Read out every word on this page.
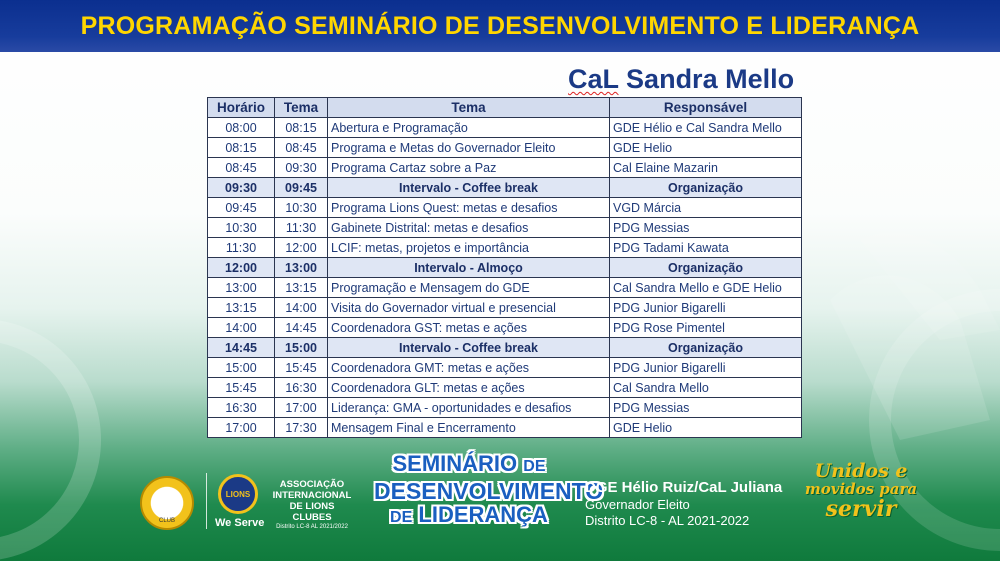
PROGRAMAÇÃO SEMINÁRIO DE DESENVOLVIMENTO E LIDERANÇA
CaL Sandra Mello
Horário	Tema	Tema	Responsável
08:00	08:15	Abertura e Programação	GDE Hélio e Cal Sandra Mello
08:15	08:45	Programa e Metas do Governador Eleito	GDE Helio
08:45	09:30	Programa Cartaz sobre a Paz	Cal Elaine Mazarin
09:30	09:45	Intervalo - Coffee break	Organização
09:45	10:30	Programa Lions Quest: metas e desafios	VGD Márcia
10:30	11:30	Gabinete Distrital: metas e desafios	PDG Messias
11:30	12:00	LCIF: metas, projetos e importância	PDG Tadami Kawata
12:00	13:00	Intervalo - Almoço	Organização
13:00	13:15	Programação e Mensagem do GDE	Cal Sandra Mello e GDE Helio
13:15	14:00	Visita do Governador virtual e presencial	PDG Junior Bigarelli
14:00	14:45	Coordenadora GST: metas e ações	PDG Rose Pimentel
14:45	15:00	Intervalo - Coffee break	Organização
15:00	15:45	Coordenadora GMT: metas e ações	PDG Junior Bigarelli
15:45	16:30	Coordenadora GLT: metas e ações	Cal Sandra Mello
16:30	17:00	Liderança: GMA - oportunidades e desafios	PDG Messias
17:00	17:30	Mensagem Final e Encerramento	GDE Helio
CLUB
LIONS
We Serve
ASSOCIAÇÃO
INTERNACIONAL
DE LIONS CLUBES
Distrito LC-8 AL 2021/2022
SEMINÁRIO DE
DESENVOLVIMENTO
DE LIDERANÇA
DGE Hélio Ruiz/CaL Juliana
Governador Eleito
Distrito LC-8 - AL 2021-2022
Unidos e
movidos para
servir
